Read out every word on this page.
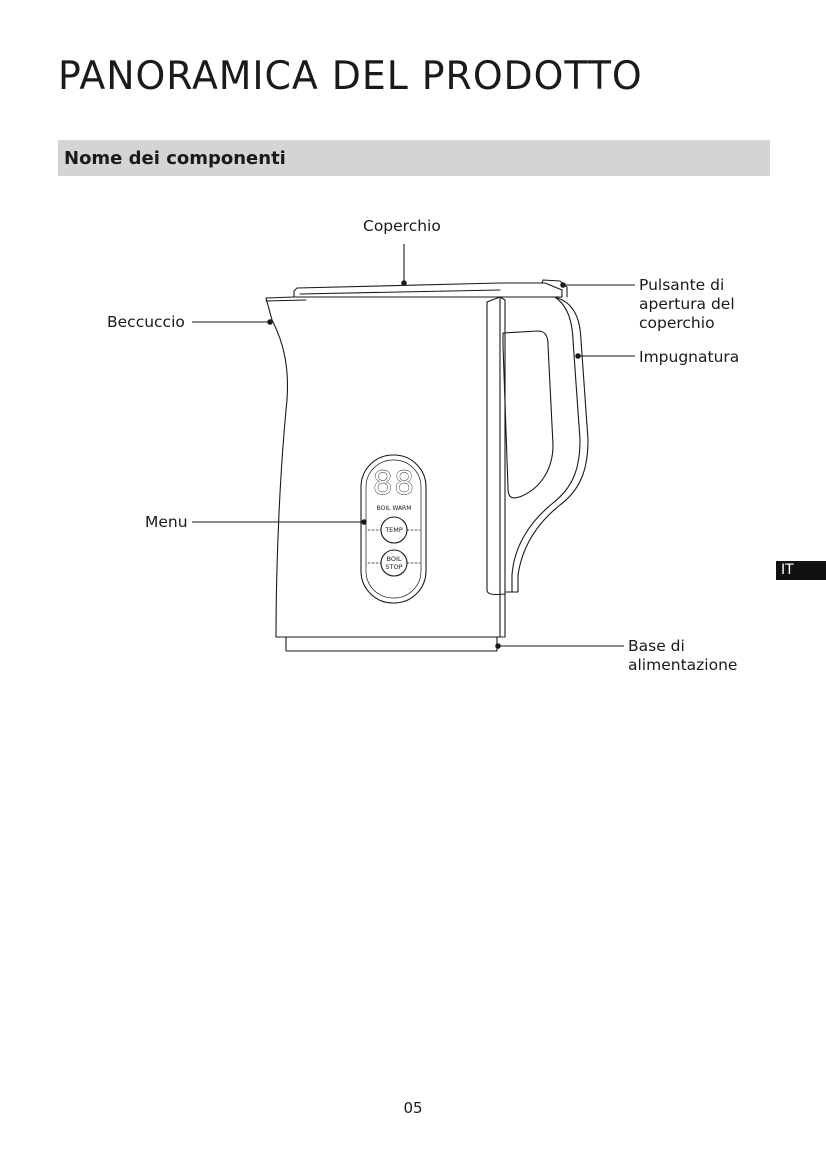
PANORAMICA DEL PRODOTTO
Nome dei componenti
88
BOIL WARM
TEMP
BOIL
STOP
Coperchio
Beccuccio
Pulsante di
apertura del
coperchio
Impugnatura
Menu
Base di
alimentazione
IT
05
